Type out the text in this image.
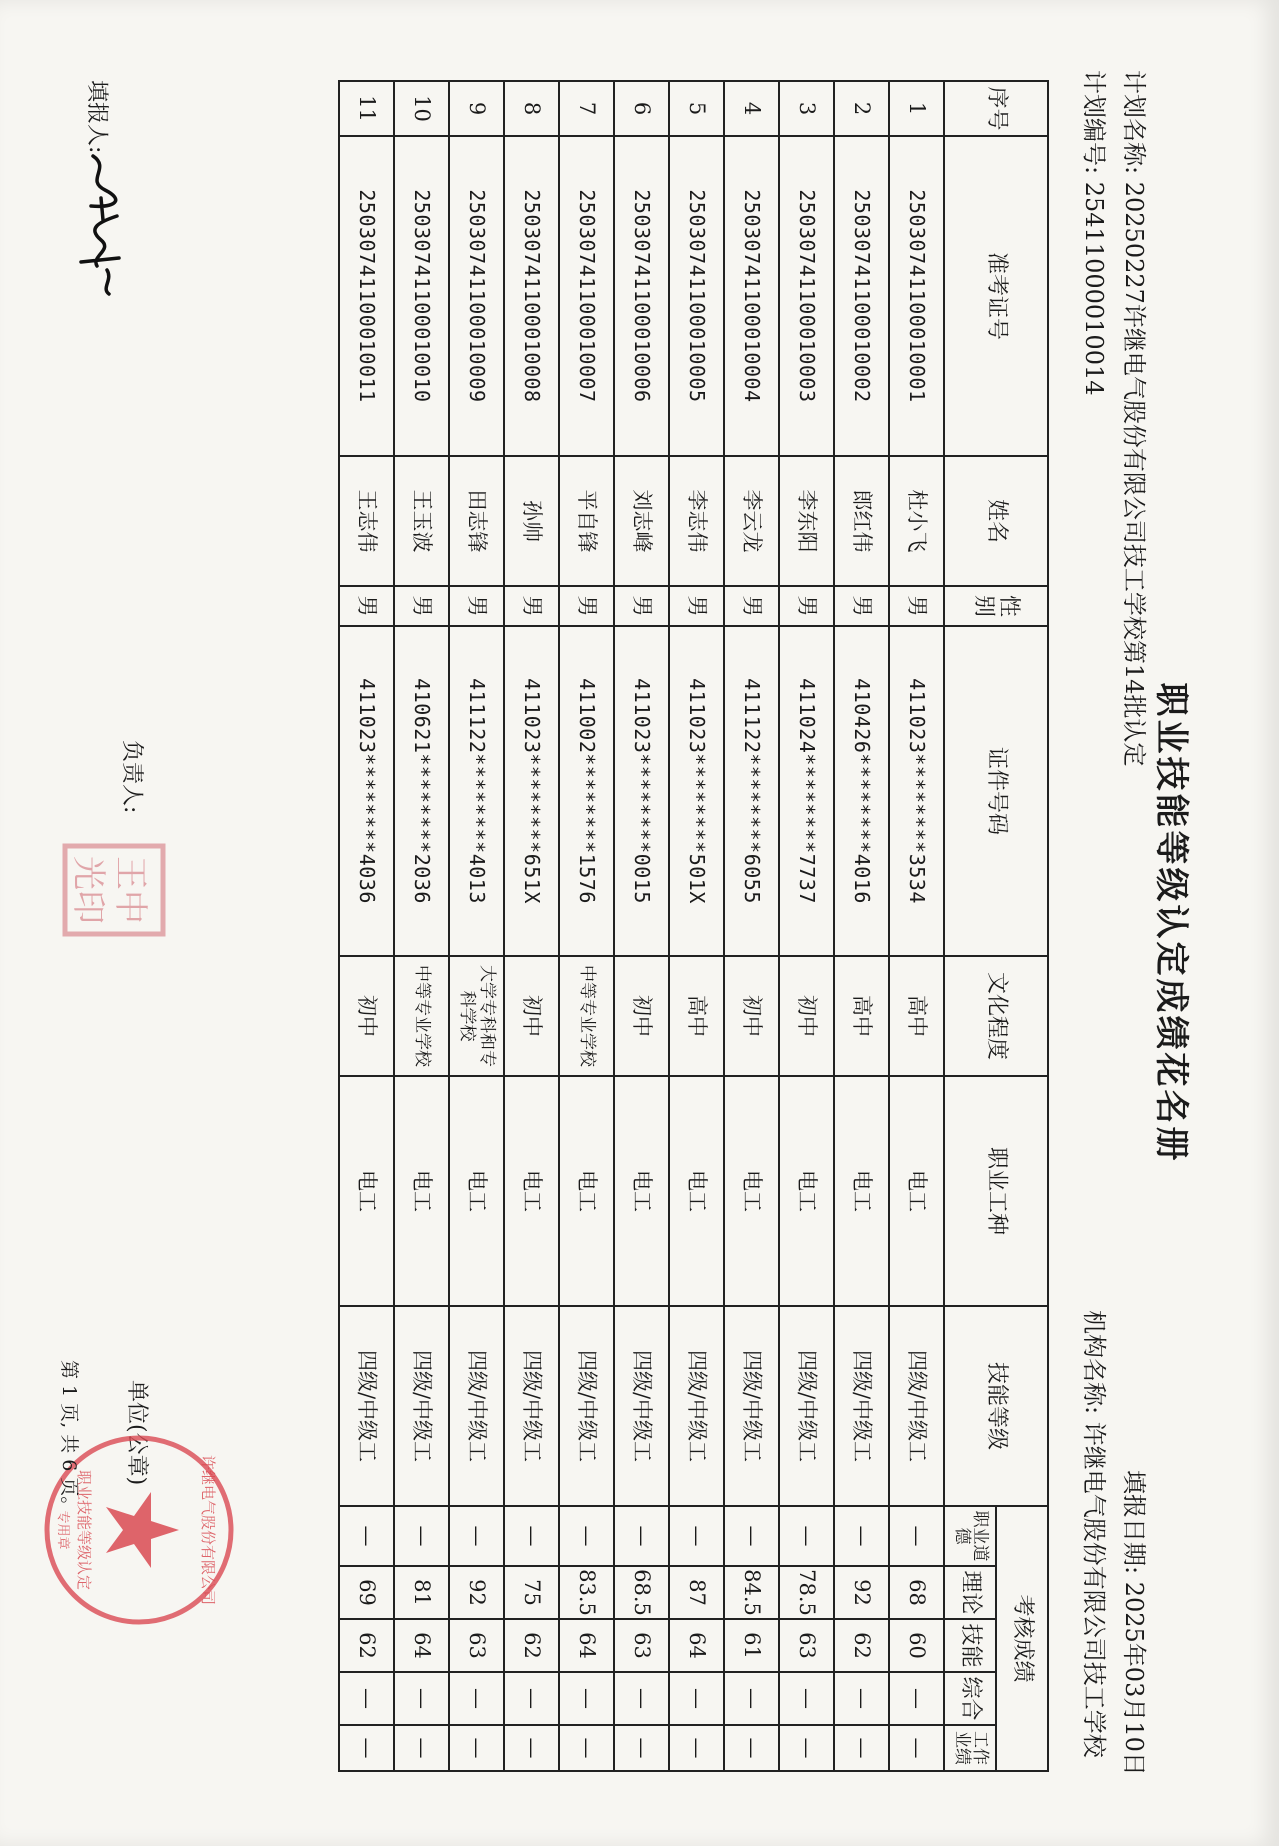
职业技能等级认定成绩花名册
计划名称: 20250227许继电气股份有限公司技工学校第14批认定
填报日期: 2025年03月10日
计划编号: 25411000010014
机构名称: 许继电气股份有限公司技工学校
序号	准考证号	姓名	性别	证件号码	文化程度	职业工种	技能等级	考核成绩				
								职业道德	理论	技能	综合	工作业绩
1	25030741100010001	杜小飞	男	411023********3534	高中	电工	四级/中级工	—	68	60	—	—
2	25030741100010002	郎红伟	男	410426********4016	高中	电工	四级/中级工	—	92	62	—	—
3	25030741100010003	李东阳	男	411024********7737	初中	电工	四级/中级工	—	78.5	63	—	—
4	25030741100010004	李云龙	男	411122********6055	初中	电工	四级/中级工	—	84.5	61	—	—
5	25030741100010005	李志伟	男	411023********501X	高中	电工	四级/中级工	—	87	64	—	—
6	25030741100010006	刘志峰	男	411023********0015	初中	电工	四级/中级工	—	68.5	63	—	—
7	25030741100010007	平自锋	男	411002********1576	中等专业学校	电工	四级/中级工	—	83.5	64	—	—
8	25030741100010008	孙帅	男	411023********651X	初中	电工	四级/中级工	—	75	62	—	—
9	25030741100010009	田志锋	男	411122********4013	大学专科和专科学校	电工	四级/中级工	—	92	63	—	—
10	25030741100010010	王玉波	男	410621********2036	中等专业学校	电工	四级/中级工	—	81	64	—	—
11	25030741100010011	王志伟	男	411023********4036	初中	电工	四级/中级工	—	69	62	—	—
填报人:
负责人:
王中
光印
单位(公章)
职业技能等级认定
专用章	许继电气股份有限公司
第 1 页, 共 6 页。
